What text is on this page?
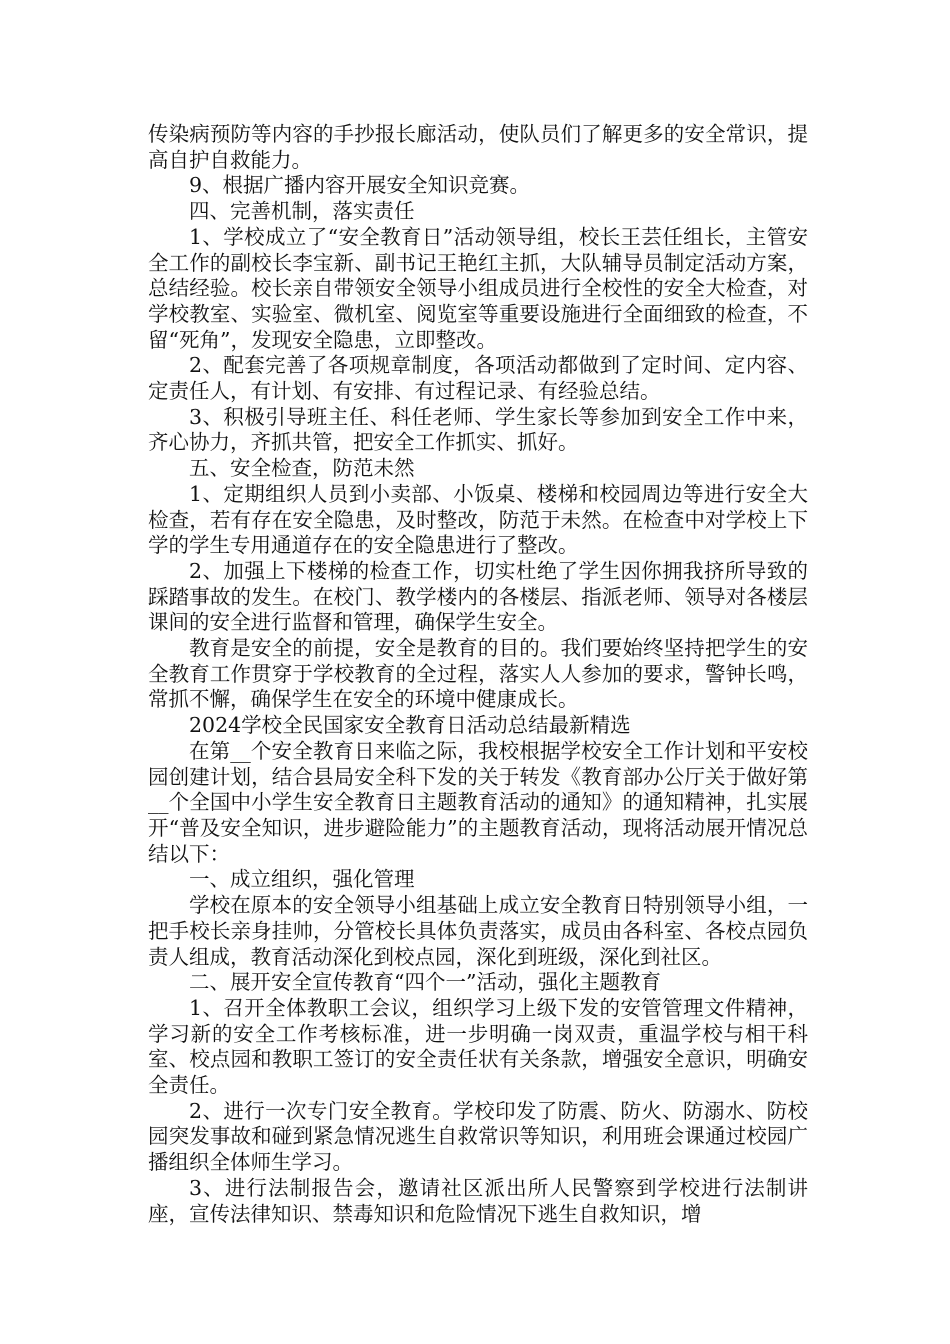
传染病预防等内容的手抄报长廊活动，使队员们了解更多的安全常识，提高自护自救能力。

9、根据广播内容开展安全知识竞赛。

四、完善机制，落实责任

1、学校成立了“安全教育日”活动领导组，校长王芸任组长，主管安全工作的副校长李宝新、副书记王艳红主抓，大队辅导员制定活动方案，总结经验。校长亲自带领安全领导小组成员进行全校性的安全大检查，对学校教室、实验室、微机室、阅览室等重要设施进行全面细致的检查，不留“死角”，发现安全隐患，立即整改。

2、配套完善了各项规章制度，各项活动都做到了定时间、定内容、定责任人，有计划、有安排、有过程记录、有经验总结。

3、积极引导班主任、科任老师、学生家长等参加到安全工作中来，齐心协力，齐抓共管，把安全工作抓实、抓好。

五、安全检查，防范未然

1、定期组织人员到小卖部、小饭桌、楼梯和校园周边等进行安全大检查，若有存在安全隐患，及时整改，防范于未然。在检查中对学校上下学的学生专用通道存在的安全隐患进行了整改。

2、加强上下楼梯的检查工作，切实杜绝了学生因你拥我挤所导致的踩踏事故的发生。在校门、教学楼内的各楼层、指派老师、领导对各楼层课间的安全进行监督和管理，确保学生安全。

教育是安全的前提，安全是教育的目的。我们要始终坚持把学生的安全教育工作贯穿于学校教育的全过程，落实人人参加的要求，警钟长鸣，常抓不懈，确保学生在安全的环境中健康成长。

2024学校全民国家安全教育日活动总结最新精选

在第__个安全教育日来临之际，我校根据学校安全工作计划和平安校园创建计划，结合县局安全科下发的关于转发《教育部办公厅关于做好第__个全国中小学生安全教育日主题教育活动的通知》的通知精神，扎实展开“普及安全知识，进步避险能力”的主题教育活动，现将活动展开情况总结以下：

一、成立组织，强化管理

学校在原本的安全领导小组基础上成立安全教育日特别领导小组，一把手校长亲身挂帅，分管校长具体负责落实，成员由各科室、各校点园负责人组成，教育活动深化到校点园，深化到班级，深化到社区。

二、展开安全宣传教育“四个一”活动，强化主题教育

1、召开全体教职工会议，组织学习上级下发的安管管理文件精神，学习新的安全工作考核标准，进一步明确一岗双责，重温学校与相干科室、校点园和教职工签订的安全责任状有关条款，增强安全意识，明确安全责任。

2、进行一次专门安全教育。学校印发了防震、防火、防溺水、防校园突发事故和碰到紧急情况逃生自救常识等知识，利用班会课通过校园广播组织全体师生学习。

3、进行法制报告会，邀请社区派出所人民警察到学校进行法制讲座，宣传法律知识、禁毒知识和危险情况下逃生自救知识，增
